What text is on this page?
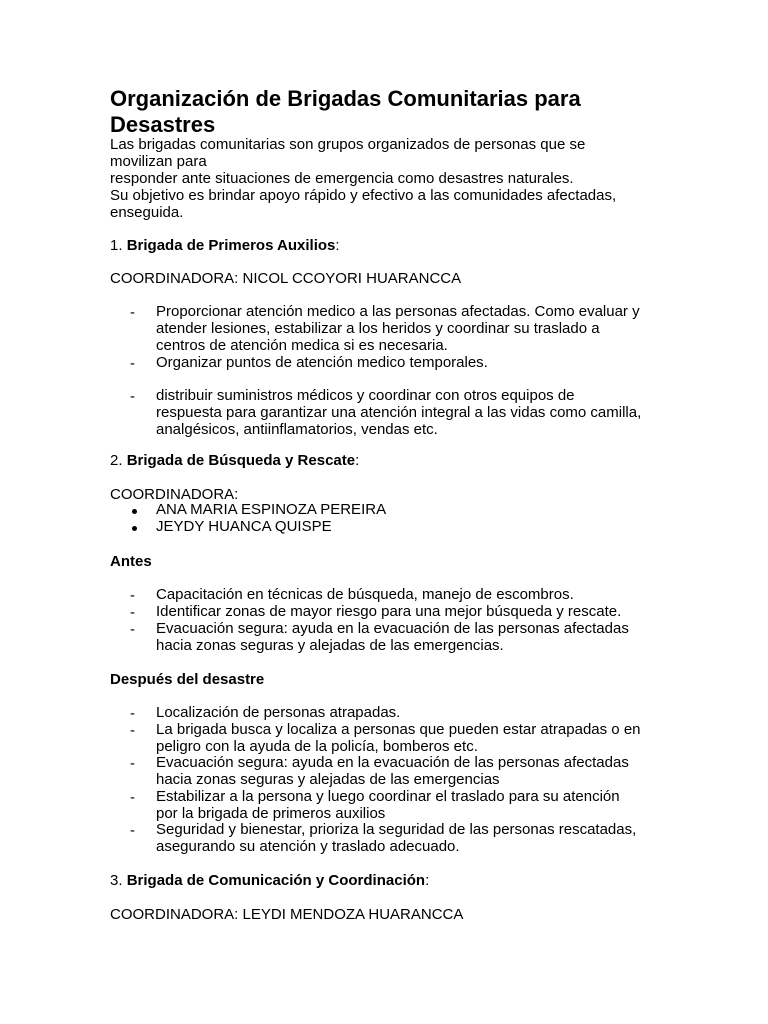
Organización de Brigadas Comunitarias para
Desastres
Las brigadas comunitarias son grupos organizados de personas que se
movilizan para
responder ante situaciones de emergencia como desastres naturales.
Su objetivo es brindar apoyo rápido y efectivo a las comunidades afectadas,
enseguida.
1. Brigada de Primeros Auxilios:
COORDINADORA: NICOL CCOYORI HUARANCCA
- Proporcionar atención medico a las personas afectadas. Como evaluar y
atender lesiones, estabilizar a los heridos y coordinar su traslado a
centros de atención medica si es necesaria.
- Organizar puntos de atención medico temporales.
- distribuir suministros médicos y coordinar con otros equipos de
respuesta para garantizar una atención integral a las vidas como camilla,
analgésicos, antiinflamatorios, vendas etc.
2. Brigada de Búsqueda y Rescate:
COORDINADORA:
ANA MARIA ESPINOZA PEREIRA
JEYDY HUANCA QUISPE
Antes
- Capacitación en técnicas de búsqueda, manejo de escombros.
- Identificar zonas de mayor riesgo para una mejor búsqueda y rescate.
- Evacuación segura: ayuda en la evacuación de las personas afectadas
hacia zonas seguras y alejadas de las emergencias.
Después del desastre
- Localización de personas atrapadas.
- La brigada busca y localiza a personas que pueden estar atrapadas o en
peligro con la ayuda de la policía, bomberos etc.
- Evacuación segura: ayuda en la evacuación de las personas afectadas
hacia zonas seguras y alejadas de las emergencias
- Estabilizar a la persona y luego coordinar el traslado para su atención
por la brigada de primeros auxilios
- Seguridad y bienestar, prioriza la seguridad de las personas rescatadas,
asegurando su atención y traslado adecuado.
3. Brigada de Comunicación y Coordinación:
COORDINADORA: LEYDI MENDOZA HUARANCCA
